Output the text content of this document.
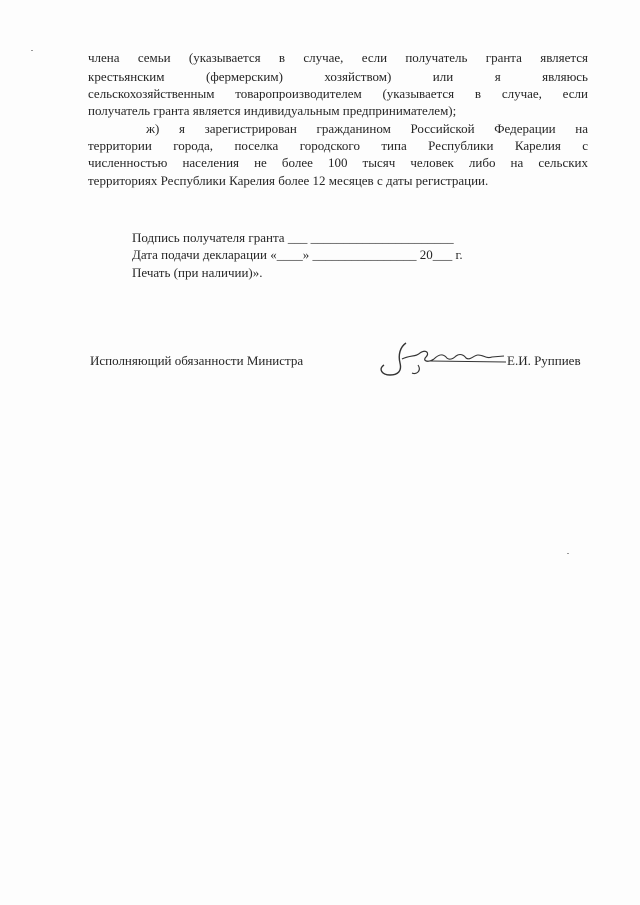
члена семьи (указывается в случае, если получатель гранта является
крестьянским (фермерским) хозяйством) или я являюсь
сельскохозяйственным товаропроизводителем (указывается в случае, если
получатель гранта является индивидуальным предпринимателем);
ж) я зарегистрирован гражданином Российской Федерации на
территории города, поселка городского типа Республики Карелия с
численностью населения не более 100 тысяч человек либо на сельских
территориях Республики Карелия более 12 месяцев с даты регистрации.
Подпись получателя гранта ___ ______________________
Дата подачи декларации «____» ________________ 20___ г.
Печать (при наличии)».
Исполняющий обязанности Министра	Е.И. Руппиев
